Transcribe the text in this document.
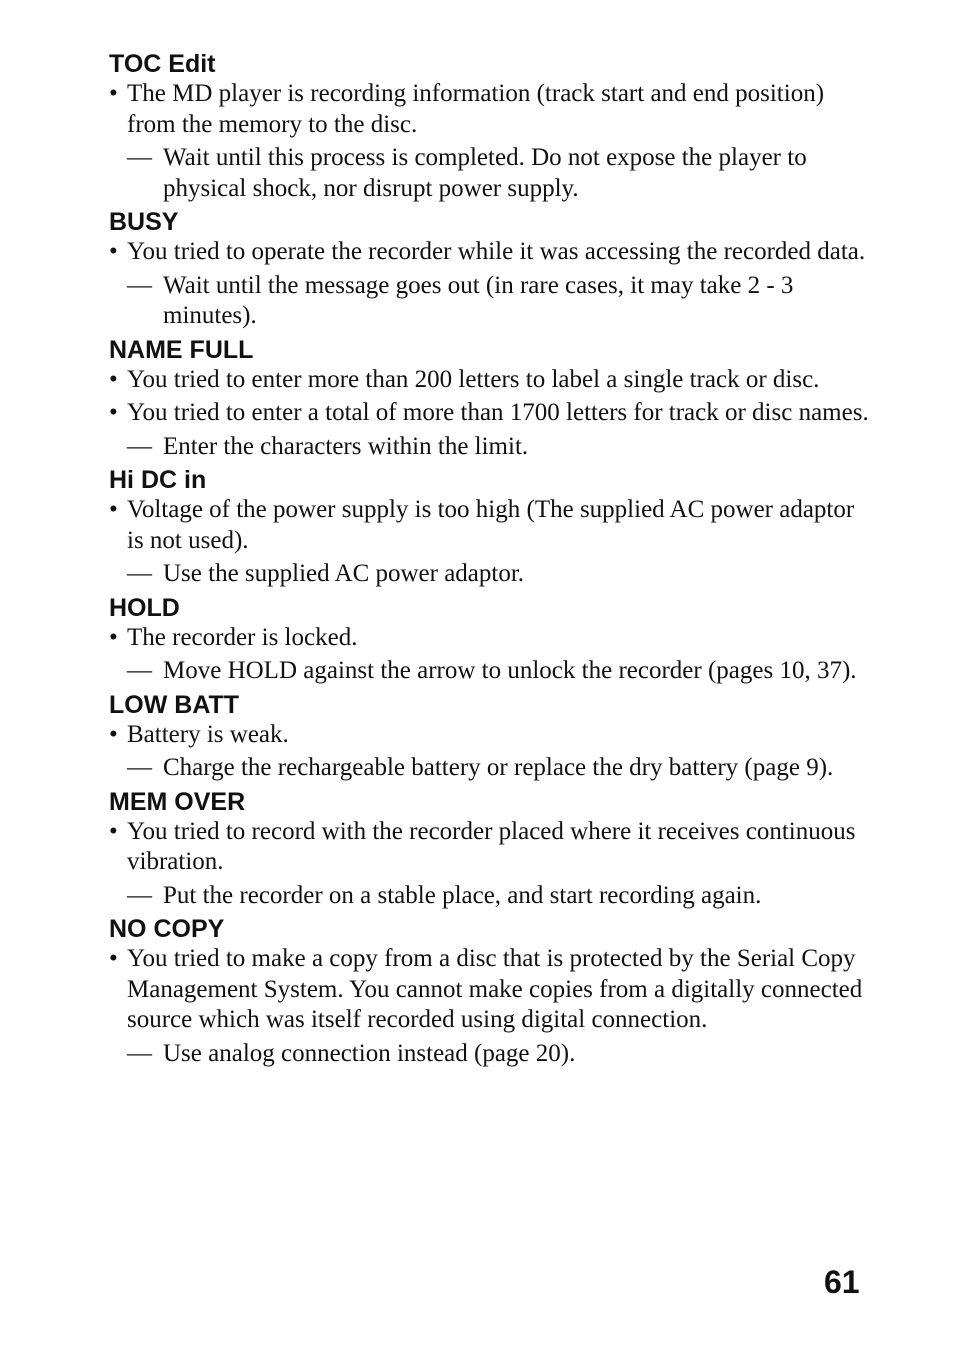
TOC Edit
• The MD player is recording information (track start and end position) from the memory to the disc.
— Wait until this process is completed. Do not expose the player to physical shock, nor disrupt power supply.
BUSY
• You tried to operate the recorder while it was accessing the recorded data.
— Wait until the message goes out (in rare cases, it may take 2 - 3 minutes).
NAME FULL
• You tried to enter more than 200 letters to label a single track or disc.
• You tried to enter a total of more than 1700 letters for track or disc names.
— Enter the characters within the limit.
Hi DC in
• Voltage of the power supply is too high (The supplied AC power adaptor is not used).
— Use the supplied AC power adaptor.
HOLD
• The recorder is locked.
— Move HOLD against the arrow to unlock the recorder (pages 10, 37).
LOW BATT
• Battery is weak.
— Charge the rechargeable battery or replace the dry battery (page 9).
MEM OVER
• You tried to record with the recorder placed where it receives continuous vibration.
— Put the recorder on a stable place, and start recording again.
NO COPY
• You tried to make a copy from a disc that is protected by the Serial Copy Management System. You cannot make copies from a digitally connected source which was itself recorded using digital connection.
— Use analog connection instead (page 20).
61
